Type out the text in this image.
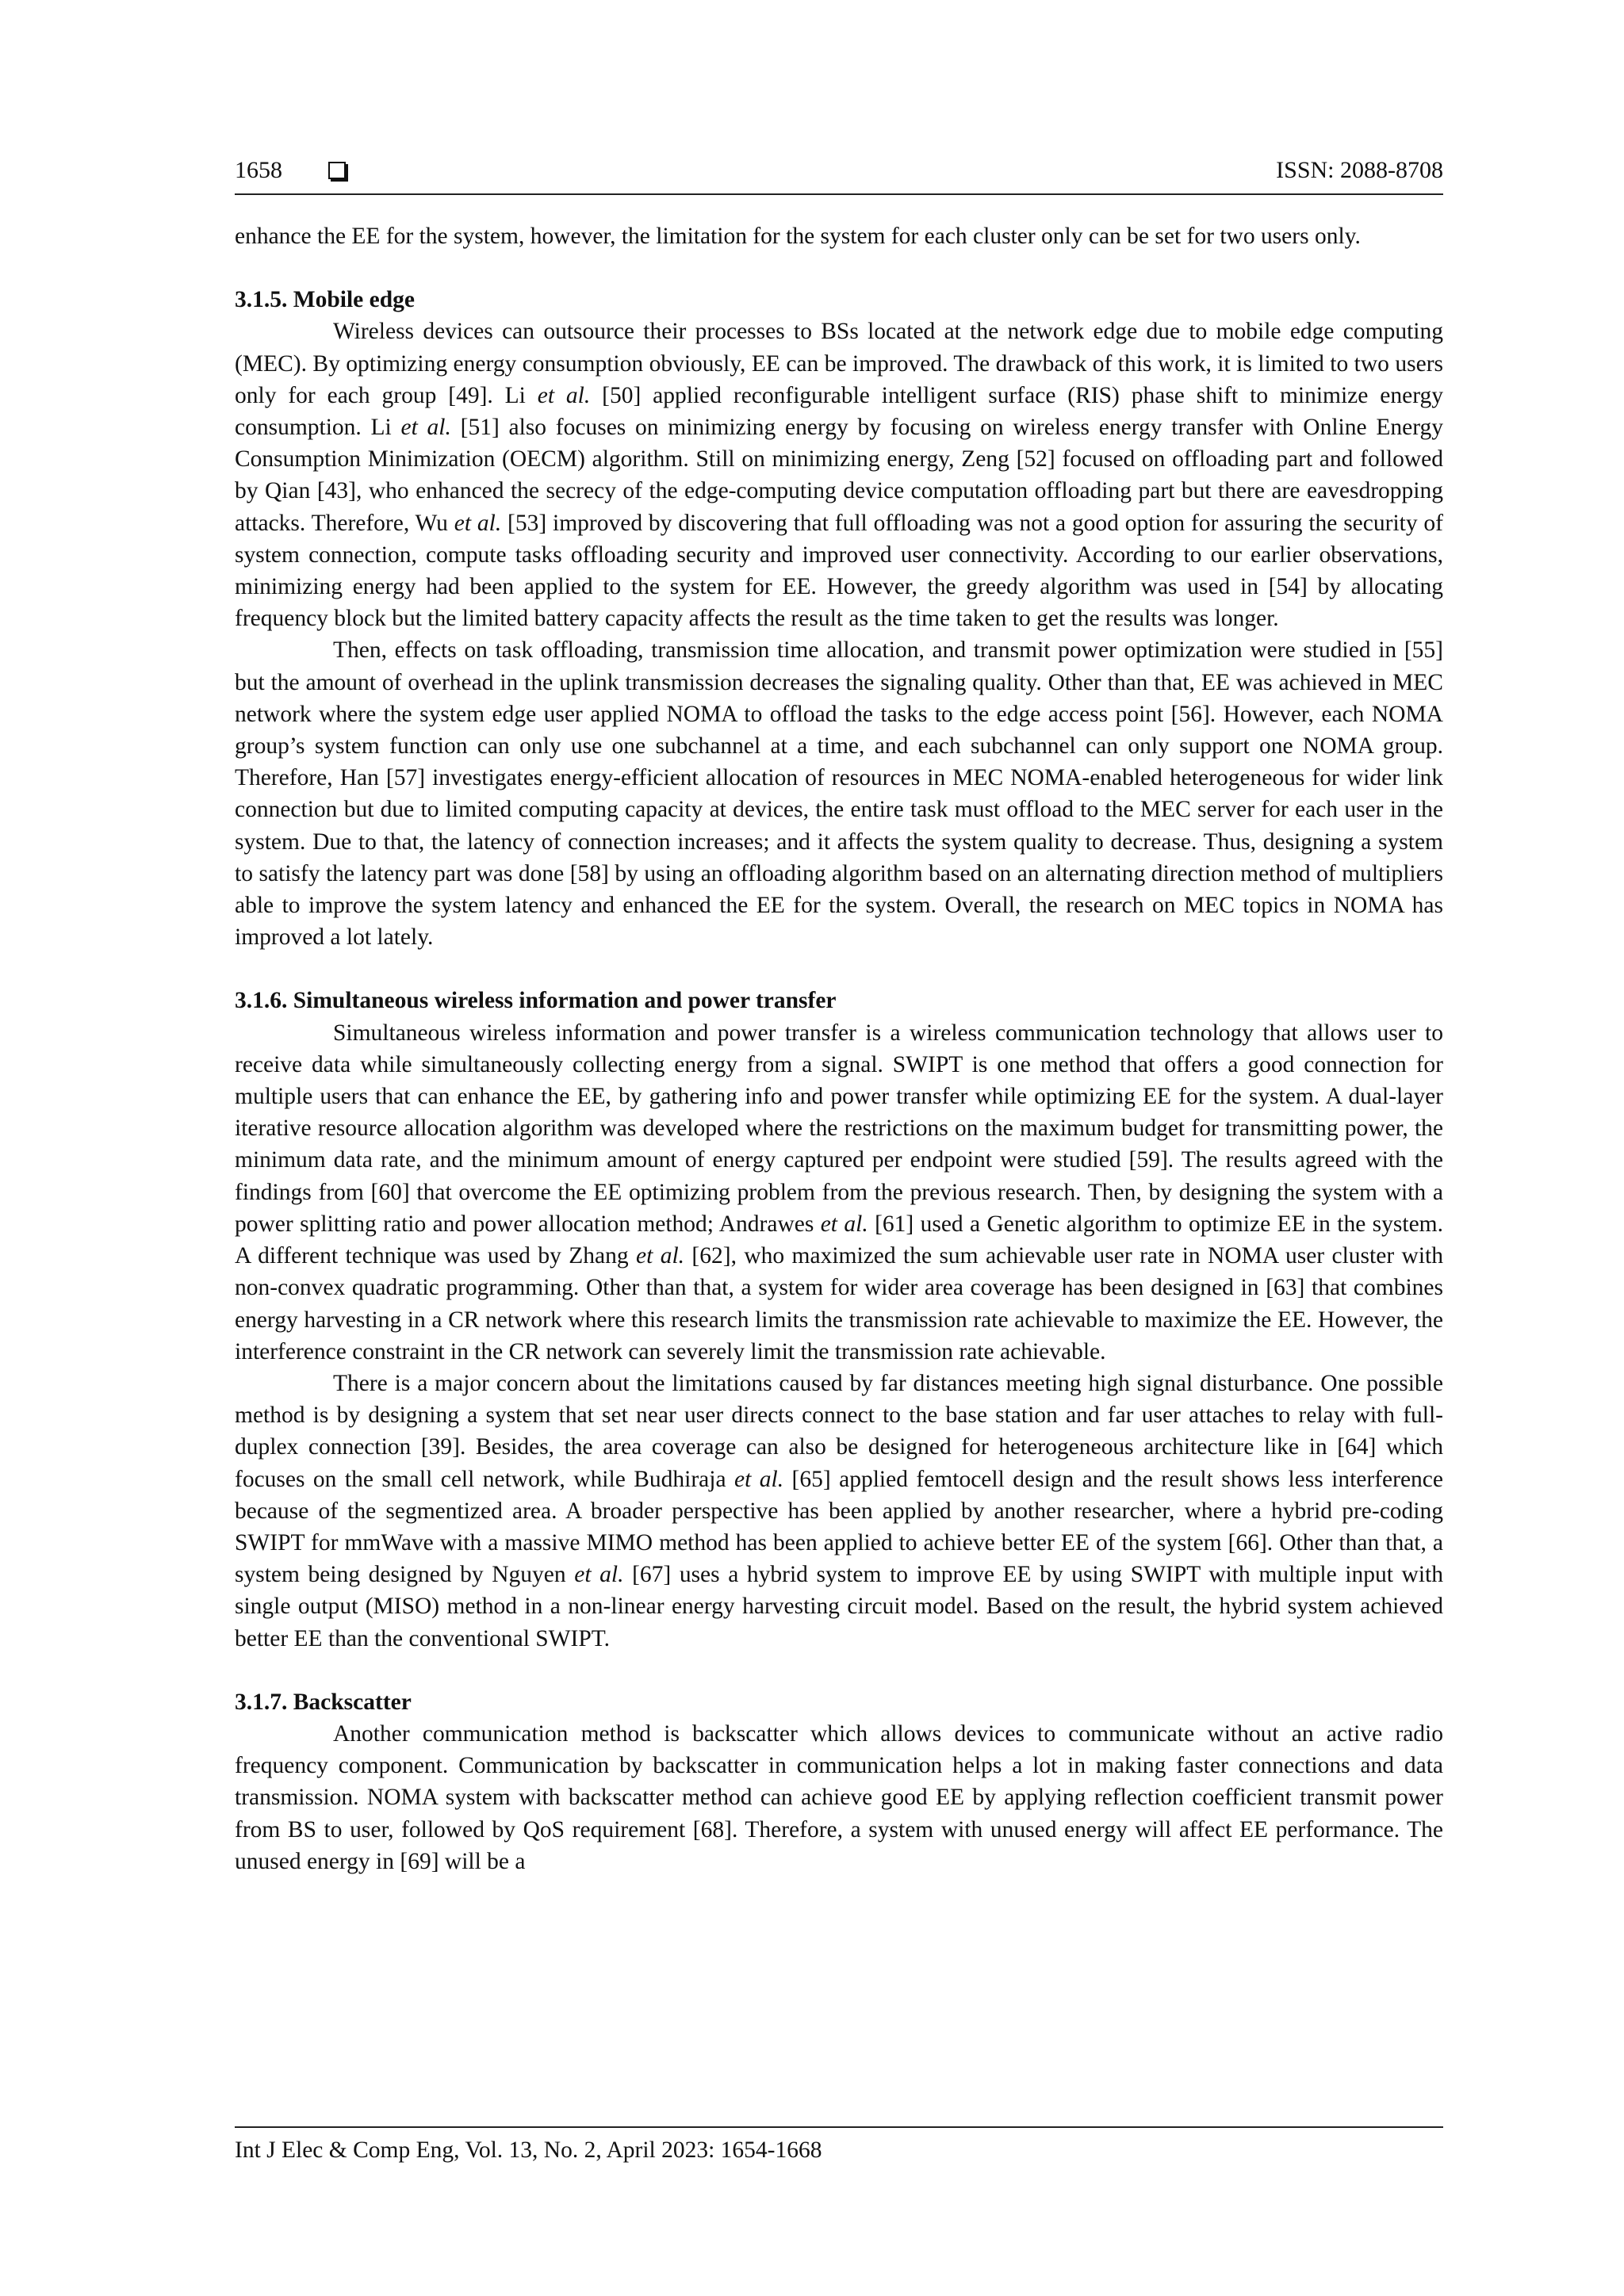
1658	ISSN: 2088-8708

enhance the EE for the system, however, the limitation for the system for each cluster only can be set for two users only.

3.1.5. Mobile edge

Wireless devices can outsource their processes to BSs located at the network edge due to mobile edge computing (MEC). By optimizing energy consumption obviously, EE can be improved. The drawback of this work, it is limited to two users only for each group [49]. Li et al. [50] applied reconfigurable intelligent surface (RIS) phase shift to minimize energy consumption. Li et al. [51] also focuses on minimizing energy by focusing on wireless energy transfer with Online Energy Consumption Minimization (OECM) algorithm. Still on minimizing energy, Zeng [52] focused on offloading part and followed by Qian [43], who enhanced the secrecy of the edge-computing device computation offloading part but there are eavesdropping attacks. Therefore, Wu et al. [53] improved by discovering that full offloading was not a good option for assuring the security of system connection, compute tasks offloading security and improved user connectivity. According to our earlier observations, minimizing energy had been applied to the system for EE. However, the greedy algorithm was used in [54] by allocating frequency block but the limited battery capacity affects the result as the time taken to get the results was longer.

Then, effects on task offloading, transmission time allocation, and transmit power optimization were studied in [55] but the amount of overhead in the uplink transmission decreases the signaling quality. Other than that, EE was achieved in MEC network where the system edge user applied NOMA to offload the tasks to the edge access point [56]. However, each NOMA group’s system function can only use one subchannel at a time, and each subchannel can only support one NOMA group. Therefore, Han [57] investigates energy-efficient allocation of resources in MEC NOMA-enabled heterogeneous for wider link connection but due to limited computing capacity at devices, the entire task must offload to the MEC server for each user in the system. Due to that, the latency of connection increases; and it affects the system quality to decrease. Thus, designing a system to satisfy the latency part was done [58] by using an offloading algorithm based on an alternating direction method of multipliers able to improve the system latency and enhanced the EE for the system. Overall, the research on MEC topics in NOMA has improved a lot lately.

3.1.6. Simultaneous wireless information and power transfer

Simultaneous wireless information and power transfer is a wireless communication technology that allows user to receive data while simultaneously collecting energy from a signal. SWIPT is one method that offers a good connection for multiple users that can enhance the EE, by gathering info and power transfer while optimizing EE for the system. A dual-layer iterative resource allocation algorithm was developed where the restrictions on the maximum budget for transmitting power, the minimum data rate, and the minimum amount of energy captured per endpoint were studied [59]. The results agreed with the findings from [60] that overcome the EE optimizing problem from the previous research. Then, by designing the system with a power splitting ratio and power allocation method; Andrawes et al. [61] used a Genetic algorithm to optimize EE in the system. A different technique was used by Zhang et al. [62], who maximized the sum achievable user rate in NOMA user cluster with non-convex quadratic programming. Other than that, a system for wider area coverage has been designed in [63] that combines energy harvesting in a CR network where this research limits the transmission rate achievable to maximize the EE. However, the interference constraint in the CR network can severely limit the transmission rate achievable.

There is a major concern about the limitations caused by far distances meeting high signal disturbance. One possible method is by designing a system that set near user directs connect to the base station and far user attaches to relay with full-duplex connection [39]. Besides, the area coverage can also be designed for heterogeneous architecture like in [64] which focuses on the small cell network, while Budhiraja et al. [65] applied femtocell design and the result shows less interference because of the segmentized area. A broader perspective has been applied by another researcher, where a hybrid pre-coding SWIPT for mmWave with a massive MIMO method has been applied to achieve better EE of the system [66]. Other than that, a system being designed by Nguyen et al. [67] uses a hybrid system to improve EE by using SWIPT with multiple input with single output (MISO) method in a non-linear energy harvesting circuit model. Based on the result, the hybrid system achieved better EE than the conventional SWIPT.

3.1.7. Backscatter

Another communication method is backscatter which allows devices to communicate without an active radio frequency component. Communication by backscatter in communication helps a lot in making faster connections and data transmission. NOMA system with backscatter method can achieve good EE by applying reflection coefficient transmit power from BS to user, followed by QoS requirement [68]. Therefore, a system with unused energy will affect EE performance. The unused energy in [69] will be a

Int J Elec & Comp Eng, Vol. 13, No. 2, April 2023: 1654-1668
